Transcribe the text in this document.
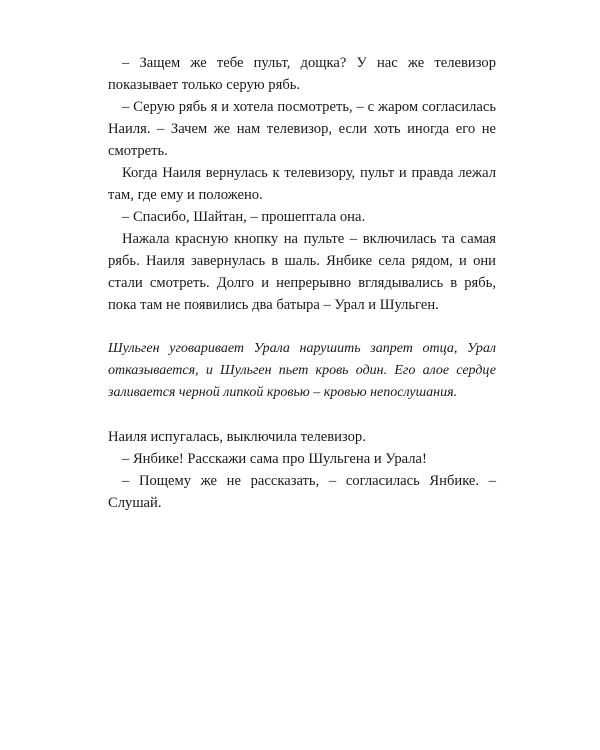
– Защем же тебе пульт, дощка? У нас же телевизор показывает только серую рябь.

– Серую рябь я и хотела посмотреть, – с жаром согласилась Наиля. – Зачем же нам телевизор, если хоть иногда его не смотреть.

Когда Наиля вернулась к телевизору, пульт и правда лежал там, где ему и положено.

– Спасибо, Шайтан, – прошептала она.

Нажала красную кнопку на пульте – включилась та самая рябь. Наиля завернулась в шаль. Янбике села рядом, и они стали смотреть. Долго и непрерывно вглядывались в рябь, пока там не появились два батыра – Урал и Шульген.

Шульген уговаривает Урала нарушить запрет отца, Урал отказывается, и Шульген пьет кровь один. Его алое сердце заливается черной липкой кровью – кровью непослушания.

Наиля испугалась, выключила телевизор.

– Янбике! Расскажи сама про Шульгена и Урала!

– Пощему же не рассказать, – согласилась Янбике. – Слушай.
